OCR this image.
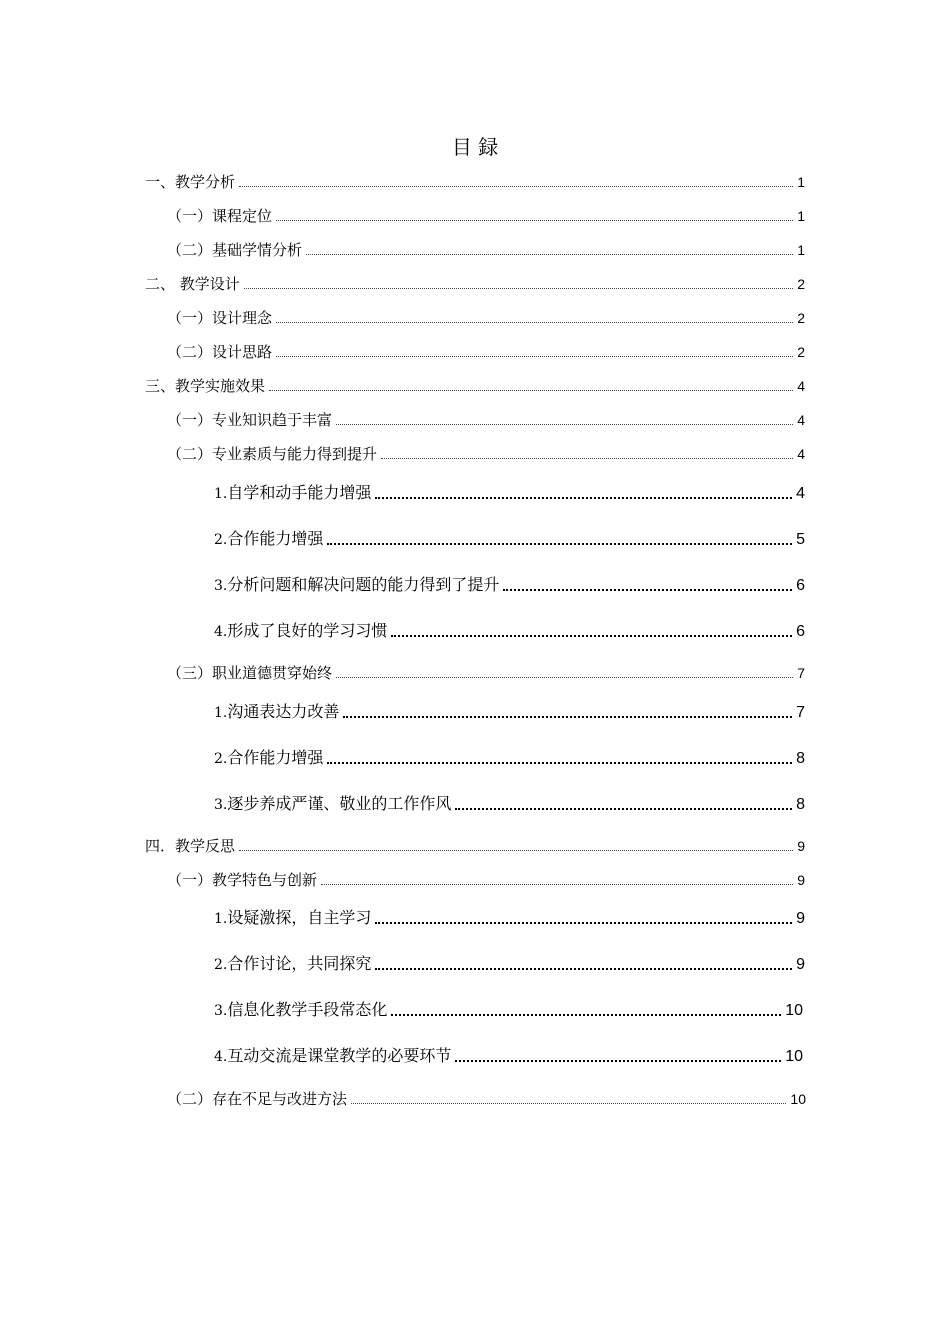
目 録
一、教学分析	1
（一）课程定位	1
（二）基础学情分析	1
二、 教学设计	2
（一）设计理念	2
（二）设计思路	2
三、教学实施效果	4
（一）专业知识趋于丰富	4
（二）专业素质与能力得到提升	4
1.自学和动手能力增强	4
2.合作能力增强	5
3.分析问题和解决问题的能力得到了提升	6
4.形成了良好的学习习惯	6
（三）职业道德贯穿始终	7
1.沟通表达力改善	7
2.合作能力增强	8
3.逐步养成严谨、敬业的工作作风	8
四．教学反思	9
（一）教学特色与创新	9
1.设疑激探，自主学习	9
2.合作讨论，共同探究	9
3.信息化教学手段常态化	10
4.互动交流是课堂教学的必要环节	10
（二）存在不足与改进方法	10
